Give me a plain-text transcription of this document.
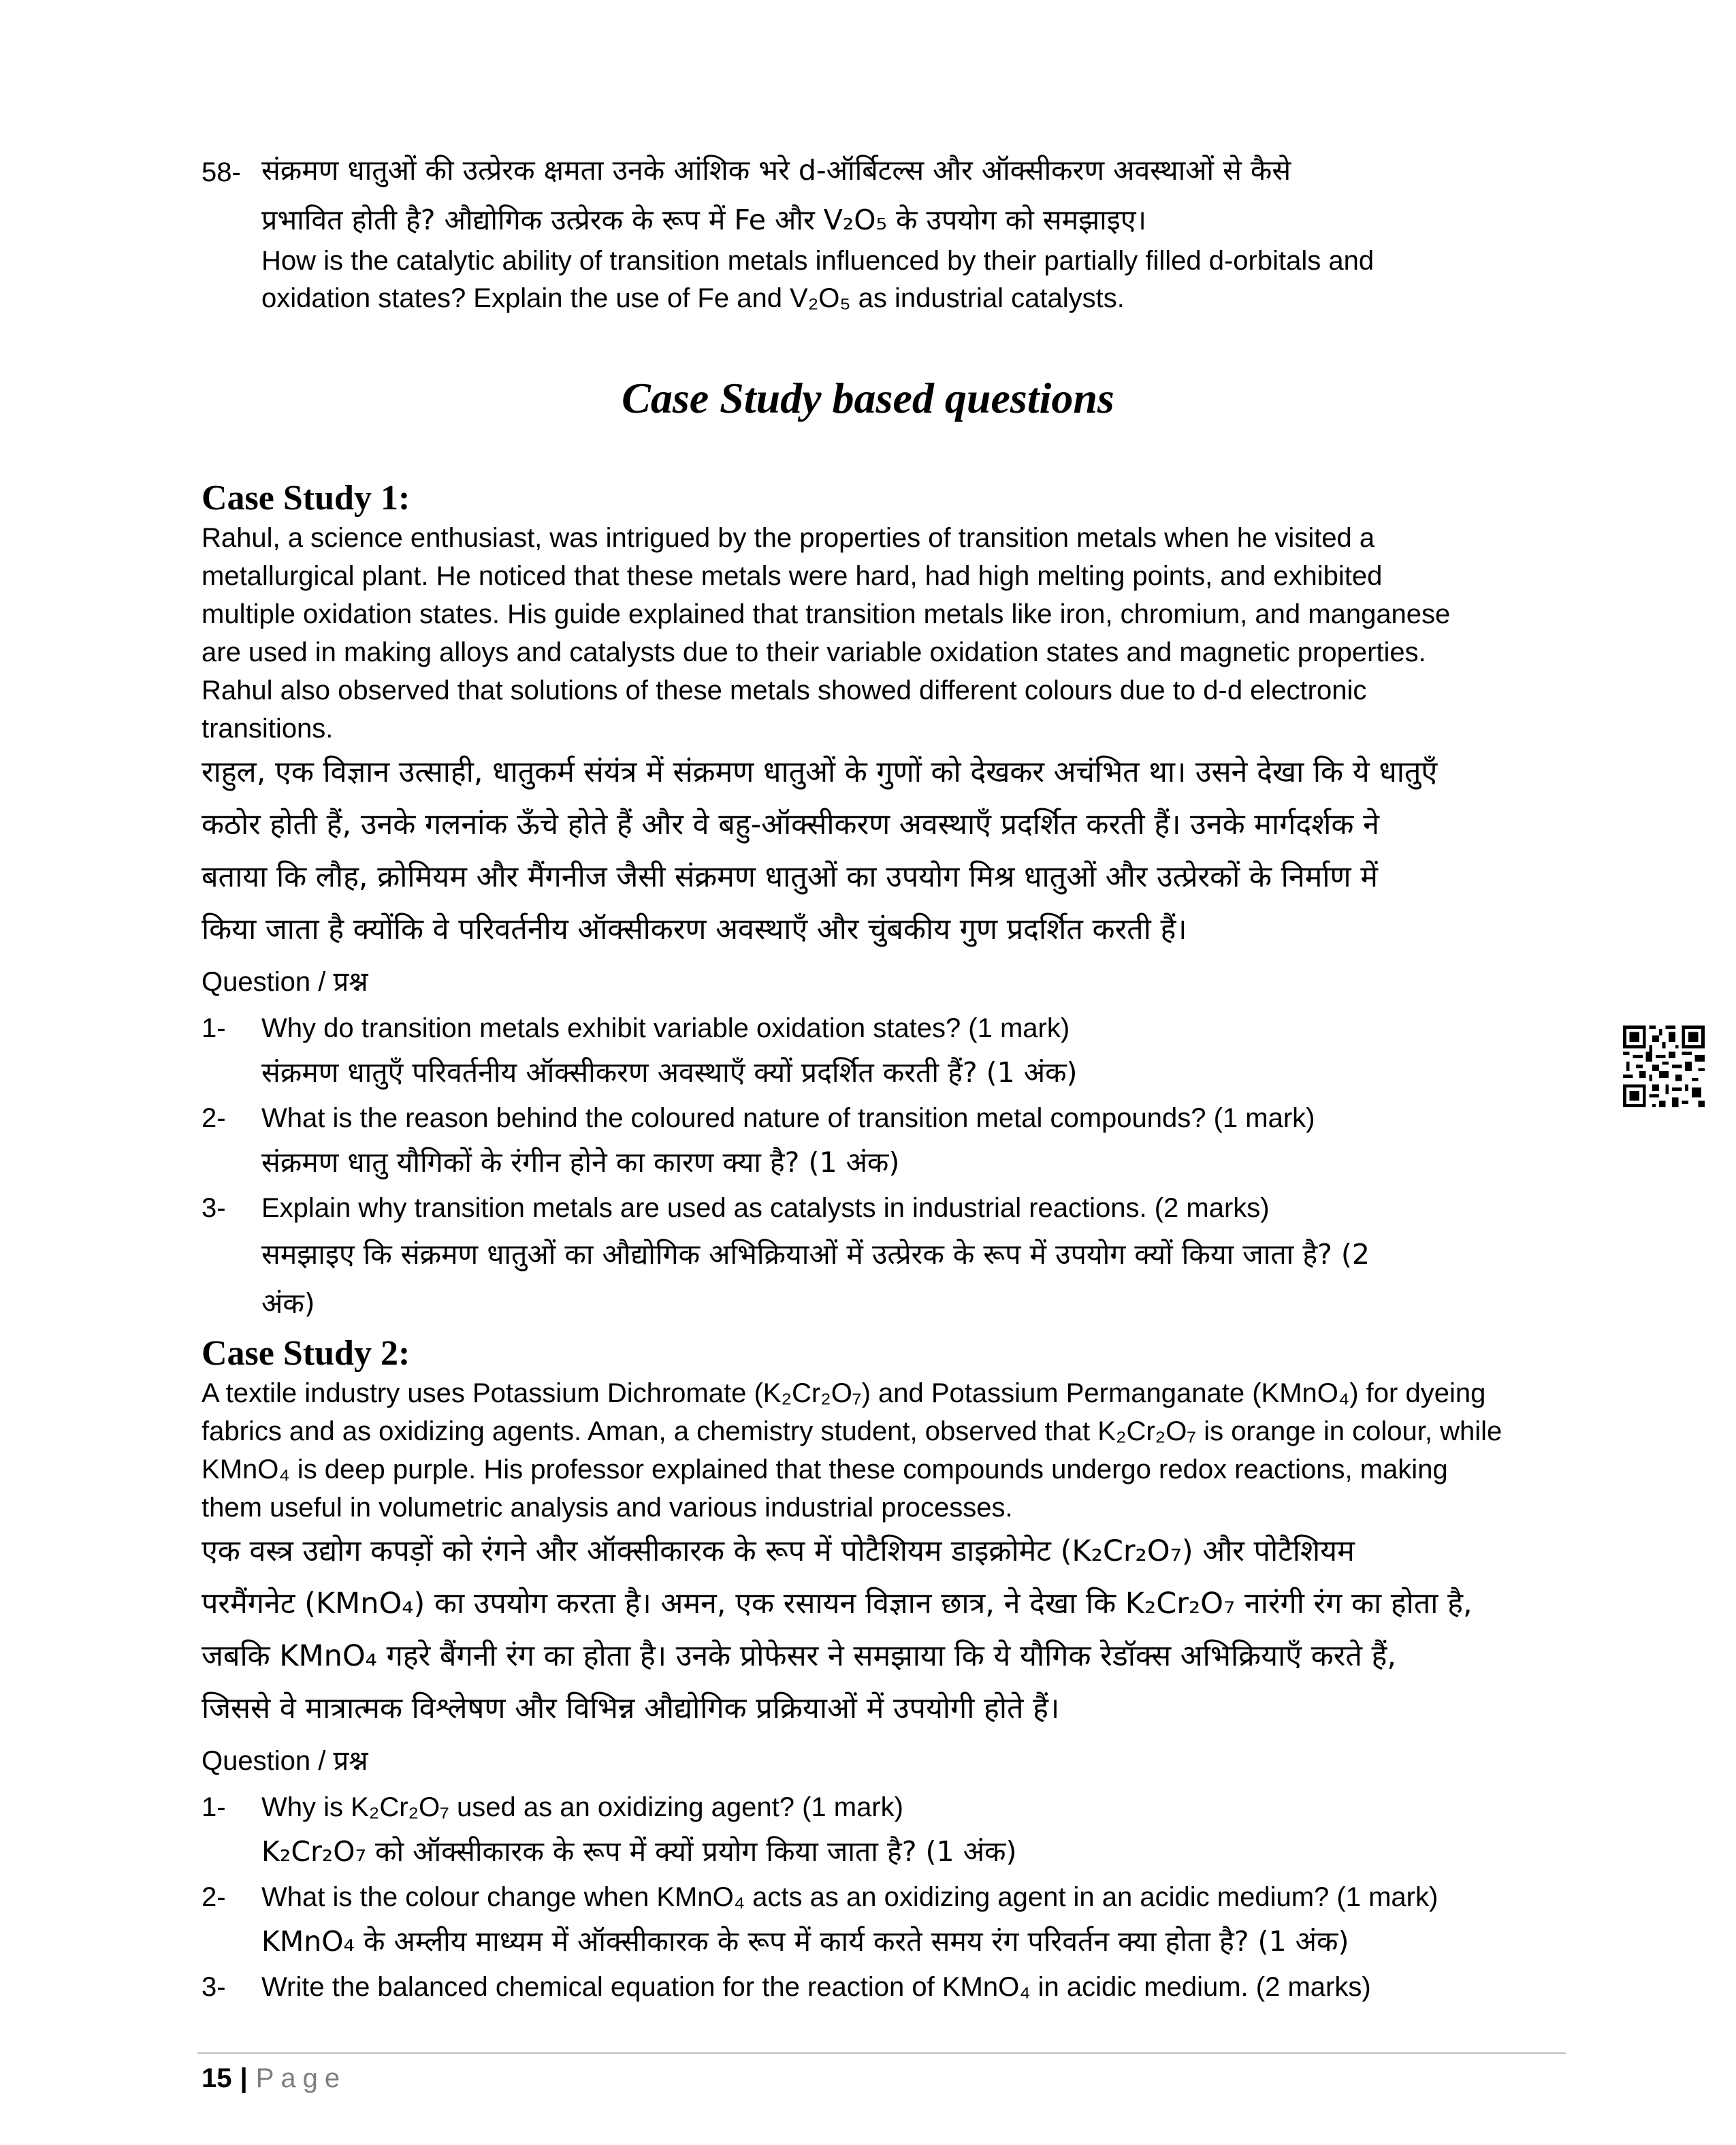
58- संक्रमण धातुओं की उत्प्रेरक क्षमता उनके आंशिक भरे d-ऑर्बिटल्स और ऑक्सीकरण अवस्थाओं से कैसे
प्रभावित होती है? औद्योगिक उत्प्रेरक के रूप में Fe और V₂O₅ के उपयोग को समझाइए।
How is the catalytic ability of transition metals influenced by their partially filled d-orbitals and
oxidation states? Explain the use of Fe and V₂O₅ as industrial catalysts.
Case Study based questions
Case Study 1:
Rahul, a science enthusiast, was intrigued by the properties of transition metals when he visited a
metallurgical plant. He noticed that these metals were hard, had high melting points, and exhibited
multiple oxidation states. His guide explained that transition metals like iron, chromium, and manganese
are used in making alloys and catalysts due to their variable oxidation states and magnetic properties.
Rahul also observed that solutions of these metals showed different colours due to d-d electronic
transitions.
राहुल, एक विज्ञान उत्साही, धातुकर्म संयंत्र में संक्रमण धातुओं के गुणों को देखकर अचंभित था। उसने देखा कि ये धातुएँ
कठोर होती हैं, उनके गलनांक ऊँचे होते हैं और वे बहु-ऑक्सीकरण अवस्थाएँ प्रदर्शित करती हैं। उनके मार्गदर्शक ने
बताया कि लौह, क्रोमियम और मैंगनीज जैसी संक्रमण धातुओं का उपयोग मिश्र धातुओं और उत्प्रेरकों के निर्माण में
किया जाता है क्योंकि वे परिवर्तनीय ऑक्सीकरण अवस्थाएँ और चुंबकीय गुण प्रदर्शित करती हैं।
Question / प्रश्न
1- Why do transition metals exhibit variable oxidation states? (1 mark)
संक्रमण धातुएँ परिवर्तनीय ऑक्सीकरण अवस्थाएँ क्यों प्रदर्शित करती हैं? (1 अंक)
2- What is the reason behind the coloured nature of transition metal compounds? (1 mark)
संक्रमण धातु यौगिकों के रंगीन होने का कारण क्या है? (1 अंक)
3- Explain why transition metals are used as catalysts in industrial reactions. (2 marks)
समझाइए कि संक्रमण धातुओं का औद्योगिक अभिक्रियाओं में उत्प्रेरक के रूप में उपयोग क्यों किया जाता है? (2
अंक)
Case Study 2:
A textile industry uses Potassium Dichromate (K₂Cr₂O₇) and Potassium Permanganate (KMnO₄) for dyeing
fabrics and as oxidizing agents. Aman, a chemistry student, observed that K₂Cr₂O₇ is orange in colour, while
KMnO₄ is deep purple. His professor explained that these compounds undergo redox reactions, making
them useful in volumetric analysis and various industrial processes.
एक वस्त्र उद्योग कपड़ों को रंगने और ऑक्सीकारक के रूप में पोटैशियम डाइक्रोमेट (K₂Cr₂O₇) और पोटैशियम
परमैंगनेट (KMnO₄) का उपयोग करता है। अमन, एक रसायन विज्ञान छात्र, ने देखा कि K₂Cr₂O₇ नारंगी रंग का होता है,
जबकि KMnO₄ गहरे बैंगनी रंग का होता है। उनके प्रोफेसर ने समझाया कि ये यौगिक रेडॉक्स अभिक्रियाएँ करते हैं,
जिससे वे मात्रात्मक विश्लेषण और विभिन्न औद्योगिक प्रक्रियाओं में उपयोगी होते हैं।
Question / प्रश्न
1- Why is K₂Cr₂O₇ used as an oxidizing agent? (1 mark)
K₂Cr₂O₇ को ऑक्सीकारक के रूप में क्यों प्रयोग किया जाता है? (1 अंक)
2- What is the colour change when KMnO₄ acts as an oxidizing agent in an acidic medium? (1 mark)
KMnO₄ के अम्लीय माध्यम में ऑक्सीकारक के रूप में कार्य करते समय रंग परिवर्तन क्या होता है? (1 अंक)
3- Write the balanced chemical equation for the reaction of KMnO₄ in acidic medium. (2 marks)
15 | Page
